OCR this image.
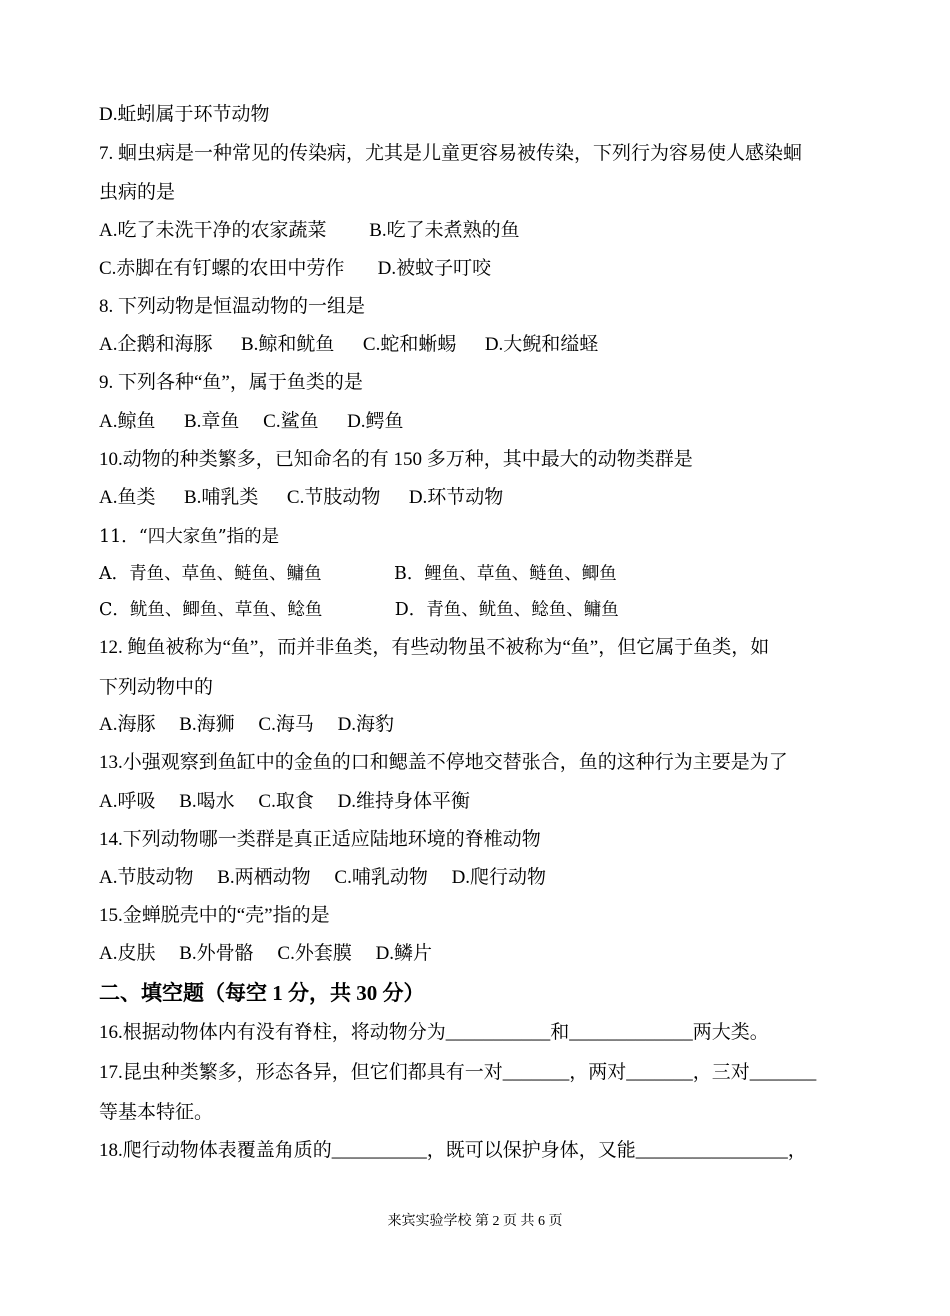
D.蚯蚓属于环节动物
7. 蛔虫病是一种常见的传染病，尤其是儿童更容易被传染，下列行为容易使人感染蛔
虫病的是
A.吃了未洗干净的农家蔬菜         B.吃了未煮熟的鱼
C.赤脚在有钉螺的农田中劳作       D.被蚊子叮咬
8. 下列动物是恒温动物的一组是
A.企鹅和海豚      B.鲸和鱿鱼      C.蛇和蜥蜴      D.大鲵和缢蛏
9. 下列各种“鱼”，属于鱼类的是
A.鲸鱼      B.章鱼     C.鲨鱼      D.鳄鱼
10.动物的种类繁多，已知命名的有 150 多万种，其中最大的动物类群是
A.鱼类      B.哺乳类      C.节肢动物      D.环节动物
11．“四大家鱼”指的是
A．青鱼、草鱼、鲢鱼、鳙鱼             B．鲤鱼、草鱼、鲢鱼、鲫鱼
C．鱿鱼、鲫鱼、草鱼、鲶鱼             D．青鱼、鱿鱼、鲶鱼、鳙鱼
12. 鲍鱼被称为“鱼”，而并非鱼类，有些动物虽不被称为“鱼”，但它属于鱼类，如
下列动物中的
A.海豚     B.海狮     C.海马     D.海豹
13.小强观察到鱼缸中的金鱼的口和鳃盖不停地交替张合，鱼的这种行为主要是为了
A.呼吸     B.喝水     C.取食     D.维持身体平衡
14.下列动物哪一类群是真正适应陆地环境的脊椎动物
A.节肢动物     B.两栖动物     C.哺乳动物     D.爬行动物
15.金蝉脱壳中的“壳”指的是
A.皮肤     B.外骨骼     C.外套膜     D.鳞片
二、填空题（每空 1 分，共 30 分）
16.根据动物体内有没有脊柱，将动物分为___________和_____________两大类。
17.昆虫种类繁多，形态各异，但它们都具有一对_______，两对_______，三对_______
等基本特征。
18.爬行动物体表覆盖角质的__________，既可以保护身体，又能________________，
来宾实验学校 第 2 页 共 6 页
